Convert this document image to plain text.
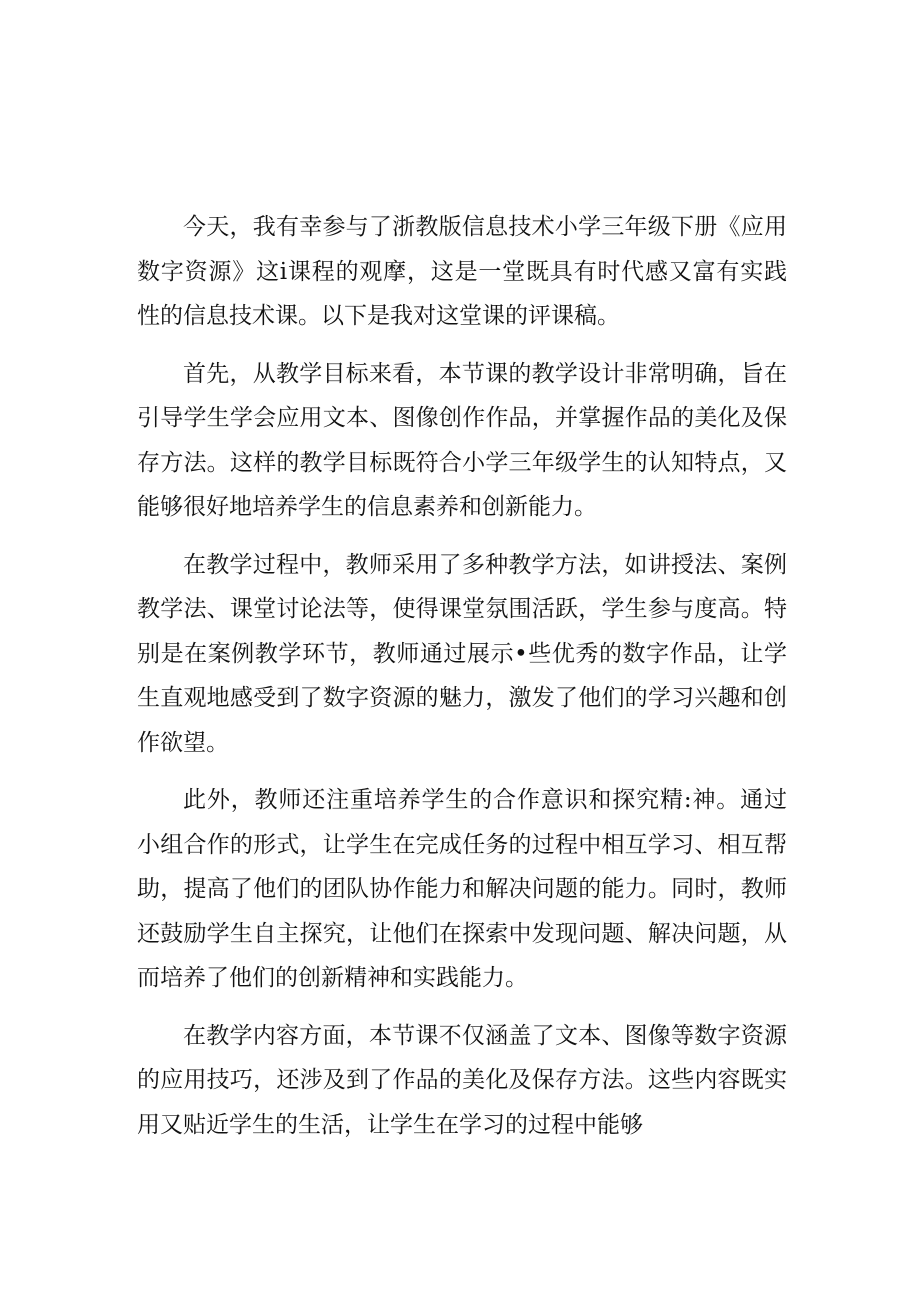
今天，我有幸参与了浙教版信息技术小学三年级下册《应用数字资源》这i课程的观摩，这是一堂既具有时代感又富有实践性的信息技术课。以下是我对这堂课的评课稿。

首先，从教学目标来看，本节课的教学设计非常明确，旨在引导学生学会应用文本、图像创作作品，并掌握作品的美化及保存方法。这样的教学目标既符合小学三年级学生的认知特点，又能够很好地培养学生的信息素养和创新能力。

在教学过程中，教师采用了多种教学方法，如讲授法、案例教学法、课堂讨论法等，使得课堂氛围活跃，学生参与度高。特别是在案例教学环节，教师通过展示•些优秀的数字作品，让学生直观地感受到了数字资源的魅力，激发了他们的学习兴趣和创作欲望。

此外，教师还注重培养学生的合作意识和探究精:神。通过小组合作的形式，让学生在完成任务的过程中相互学习、相互帮助，提高了他们的团队协作能力和解决问题的能力。同时，教师还鼓励学生自主探究，让他们在探索中发现问题、解决问题，从而培养了他们的创新精神和实践能力。

在教学内容方面，本节课不仅涵盖了文本、图像等数字资源的应用技巧，还涉及到了作品的美化及保存方法。这些内容既实用又贴近学生的生活，让学生在学习的过程中能够
